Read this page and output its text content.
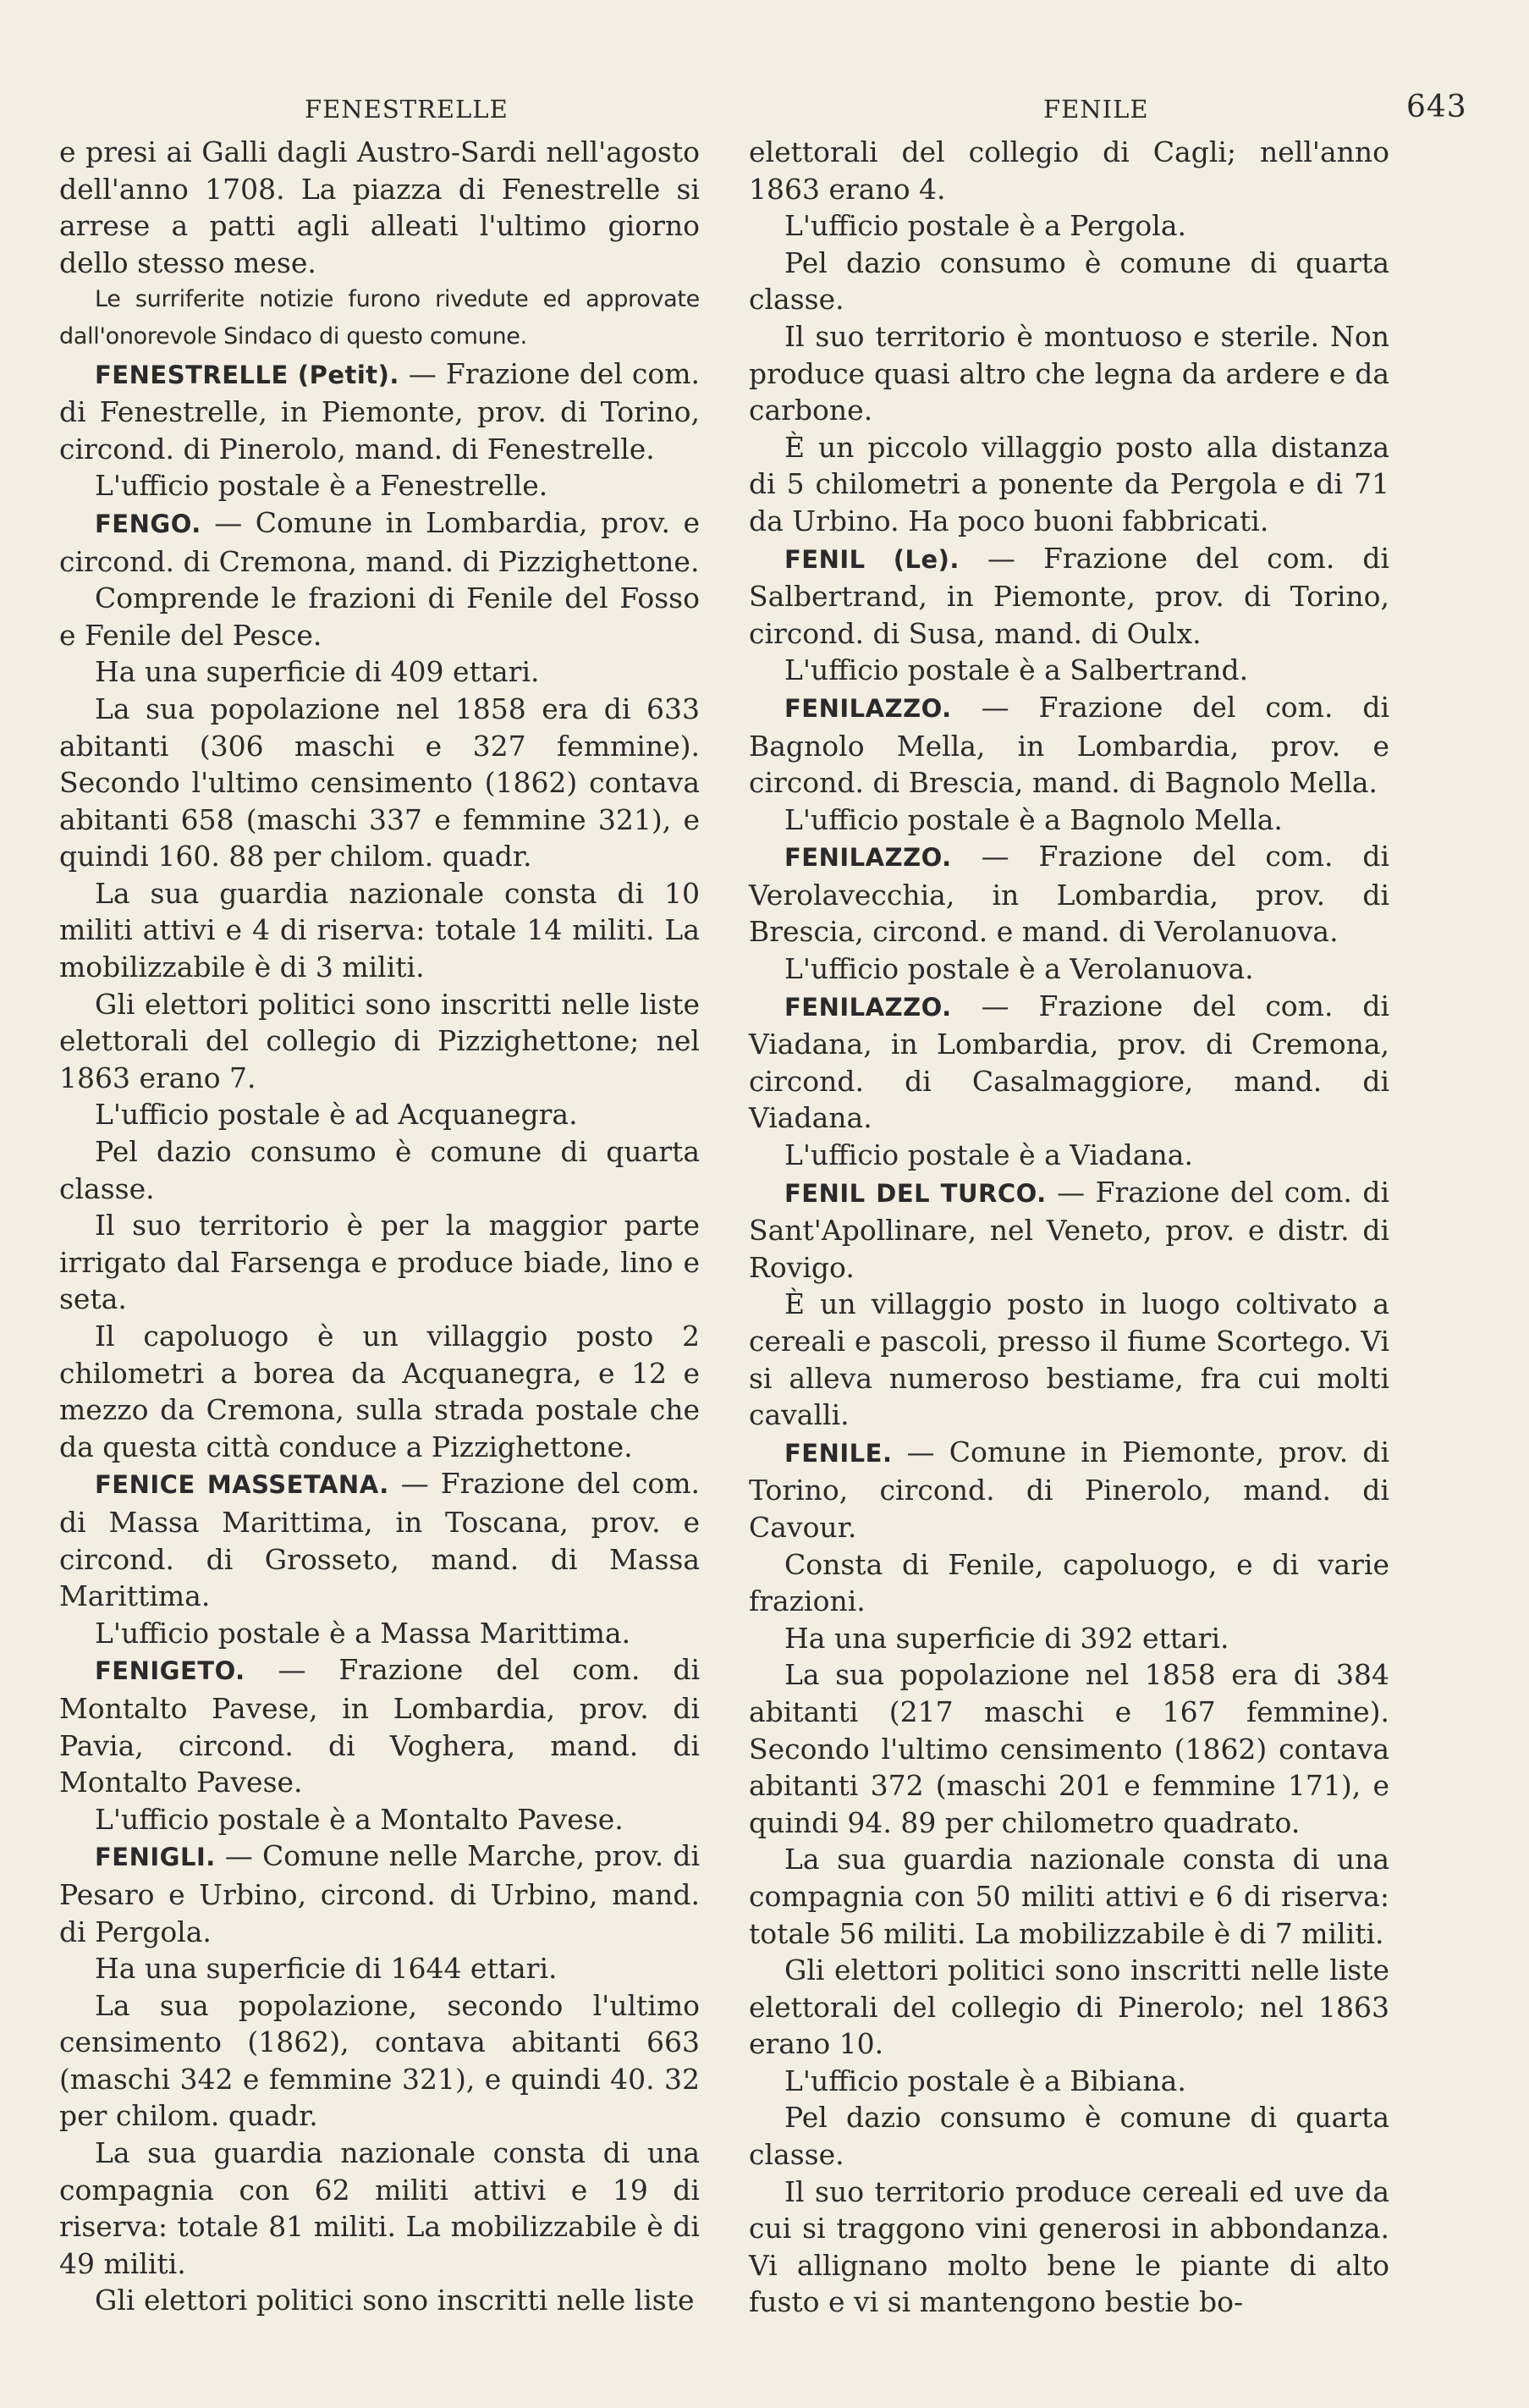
FENESTRELLE	FENILE	643

e presi ai Galli dagli Austro-Sardi nell'agosto dell'anno 1708. La piazza di Fenestrelle si arrese a patti agli alleati l'ultimo giorno dello stesso mese.

Le surriferite notizie furono rivedute ed approvate dall'onorevole Sindaco di questo comune.

FENESTRELLE (Petit). — Frazione del com. di Fenestrelle, in Piemonte, prov. di Torino, circond. di Pinerolo, mand. di Fenestrelle.

L'ufficio postale è a Fenestrelle.

FENGO. — Comune in Lombardia, prov. e circond. di Cremona, mand. di Pizzighettone.

Comprende le frazioni di Fenile del Fosso e Fenile del Pesce.

Ha una superficie di 409 ettari.

La sua popolazione nel 1858 era di 633 abitanti (306 maschi e 327 femmine). Secondo l'ultimo censimento (1862) contava abitanti 658 (maschi 337 e femmine 321), e quindi 160. 88 per chilom. quadr.

La sua guardia nazionale consta di 10 militi attivi e 4 di riserva: totale 14 militi. La mobilizzabile è di 3 militi.

Gli elettori politici sono inscritti nelle liste elettorali del collegio di Pizzighettone; nel 1863 erano 7.

L'ufficio postale è ad Acquanegra.

Pel dazio consumo è comune di quarta classe.

Il suo territorio è per la maggior parte irrigato dal Farsenga e produce biade, lino e seta.

Il capoluogo è un villaggio posto 2 chilometri a borea da Acquanegra, e 12 e mezzo da Cremona, sulla strada postale che da questa città conduce a Pizzighettone.

FENICE MASSETANA. — Frazione del com. di Massa Marittima, in Toscana, prov. e circond. di Grosseto, mand. di Massa Marittima.

L'ufficio postale è a Massa Marittima.

FENIGETO. — Frazione del com. di Montalto Pavese, in Lombardia, prov. di Pavia, circond. di Voghera, mand. di Montalto Pavese.

L'ufficio postale è a Montalto Pavese.

FENIGLI. — Comune nelle Marche, prov. di Pesaro e Urbino, circond. di Urbino, mand. di Pergola.

Ha una superficie di 1644 ettari.

La sua popolazione, secondo l'ultimo censimento (1862), contava abitanti 663 (maschi 342 e femmine 321), e quindi 40. 32 per chilom. quadr.

La sua guardia nazionale consta di una compagnia con 62 militi attivi e 19 di riserva: totale 81 militi. La mobilizzabile è di 49 militi.

Gli elettori politici sono inscritti nelle liste

elettorali del collegio di Cagli; nell'anno 1863 erano 4.

L'ufficio postale è a Pergola.

Pel dazio consumo è comune di quarta classe.

Il suo territorio è montuoso e sterile. Non produce quasi altro che legna da ardere e da carbone.

È un piccolo villaggio posto alla distanza di 5 chilometri a ponente da Pergola e di 71 da Urbino. Ha poco buoni fabbricati.

FENIL (Le). — Frazione del com. di Salbertrand, in Piemonte, prov. di Torino, circond. di Susa, mand. di Oulx.

L'ufficio postale è a Salbertrand.

FENILAZZO. — Frazione del com. di Bagnolo Mella, in Lombardia, prov. e circond. di Brescia, mand. di Bagnolo Mella.

L'ufficio postale è a Bagnolo Mella.

FENILAZZO. — Frazione del com. di Verolavecchia, in Lombardia, prov. di Brescia, circond. e mand. di Verolanuova.

L'ufficio postale è a Verolanuova.

FENILAZZO. — Frazione del com. di Viadana, in Lombardia, prov. di Cremona, circond. di Casalmaggiore, mand. di Viadana.

L'ufficio postale è a Viadana.

FENIL DEL TURCO. — Frazione del com. di Sant'Apollinare, nel Veneto, prov. e distr. di Rovigo.

È un villaggio posto in luogo coltivato a cereali e pascoli, presso il fiume Scortego. Vi si alleva numeroso bestiame, fra cui molti cavalli.

FENILE. — Comune in Piemonte, prov. di Torino, circond. di Pinerolo, mand. di Cavour.

Consta di Fenile, capoluogo, e di varie frazioni.

Ha una superficie di 392 ettari.

La sua popolazione nel 1858 era di 384 abitanti (217 maschi e 167 femmine). Secondo l'ultimo censimento (1862) contava abitanti 372 (maschi 201 e femmine 171), e quindi 94. 89 per chilometro quadrato.

La sua guardia nazionale consta di una compagnia con 50 militi attivi e 6 di riserva: totale 56 militi. La mobilizzabile è di 7 militi.

Gli elettori politici sono inscritti nelle liste elettorali del collegio di Pinerolo; nel 1863 erano 10.

L'ufficio postale è a Bibiana.

Pel dazio consumo è comune di quarta classe.

Il suo territorio produce cereali ed uve da cui si traggono vini generosi in abbondanza. Vi allignano molto bene le piante di alto fusto e vi si mantengono bestie bo-
